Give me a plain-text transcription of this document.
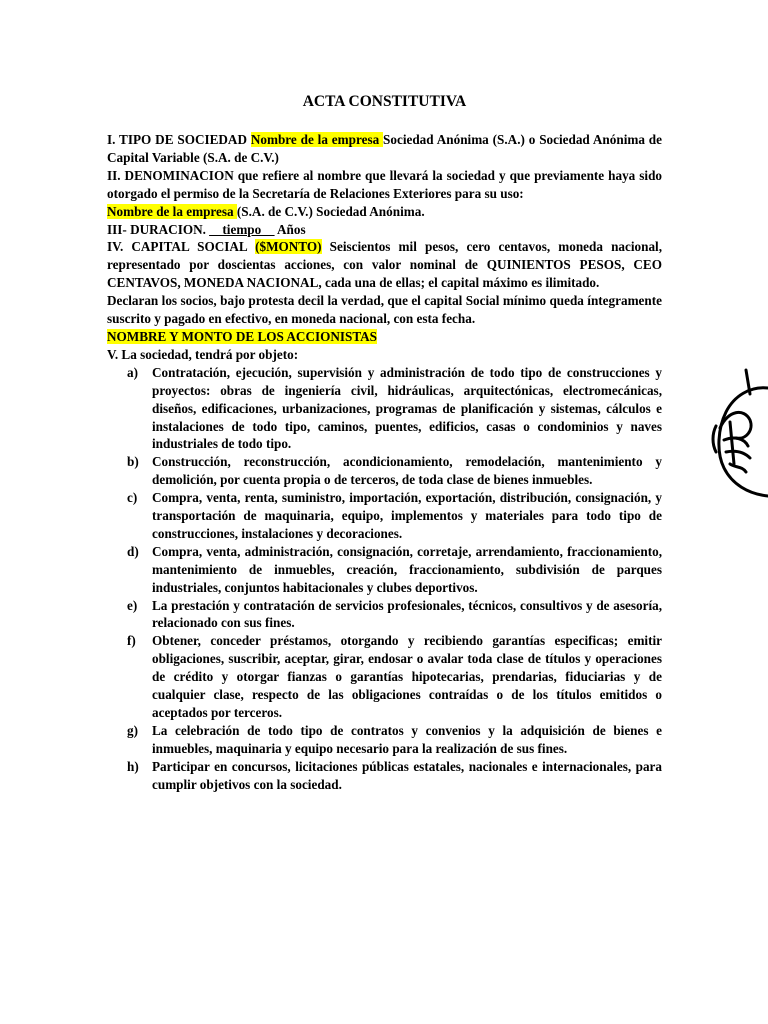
ACTA CONSTITUTIVA

I. TIPO DE SOCIEDAD Nombre de la empresa Sociedad Anónima (S.A.) o Sociedad Anónima de Capital Variable (S.A. de C.V.)

II. DENOMINACION que refiere al nombre que llevará la sociedad y que previamente haya sido otorgado el permiso de la Secretaría de Relaciones Exteriores para su uso:

Nombre de la empresa (S.A. de C.V.) Sociedad Anónima.

III- DURACION. __tiempo__ Años

IV. CAPITAL SOCIAL ($MONTO) Seiscientos mil pesos, cero centavos, moneda nacional, representado por doscientas acciones, con valor nominal de QUINIENTOS PESOS, CEO CENTAVOS, MONEDA NACIONAL, cada una de ellas; el capital máximo es ilimitado.

Declaran los socios, bajo protesta decil la verdad, que el capital Social mínimo queda íntegramente suscrito y pagado en efectivo, en moneda nacional, con esta fecha.

NOMBRE Y MONTO DE LOS ACCIONISTAS

V. La sociedad, tendrá por objeto:

a) Contratación, ejecución, supervisión y administración de todo tipo de construcciones y proyectos: obras de ingeniería civil, hidráulicas, arquitectónicas, electromecánicas, diseños, edificaciones, urbanizaciones, programas de planificación y sistemas, cálculos e instalaciones de todo tipo, caminos, puentes, edificios, casas o condominios y naves industriales de todo tipo.
b) Construcción, reconstrucción, acondicionamiento, remodelación, mantenimiento y demolición, por cuenta propia o de terceros, de toda clase de bienes inmuebles.
c) Compra, venta, renta, suministro, importación, exportación, distribución, consignación, y transportación de maquinaria, equipo, implementos y materiales para todo tipo de construcciones, instalaciones y decoraciones.
d) Compra, venta, administración, consignación, corretaje, arrendamiento, fraccionamiento, mantenimiento de inmuebles, creación, fraccionamiento, subdivisión de parques industriales, conjuntos habitacionales y clubes deportivos.
e) La prestación y contratación de servicios profesionales, técnicos, consultivos y de asesoría, relacionado con sus fines.
f) Obtener, conceder préstamos, otorgando y recibiendo garantías especificas; emitir obligaciones, suscribir, aceptar, girar, endosar o avalar toda clase de títulos y operaciones de crédito y otorgar fianzas o garantías hipotecarias, prendarias, fiduciarias y de cualquier clase, respecto de las obligaciones contraídas o de los títulos emitidos o aceptados por terceros.
g) La celebración de todo tipo de contratos y convenios y la adquisición de bienes e inmuebles, maquinaria y equipo necesario para la realización de sus fines.
h) Participar en concursos, licitaciones públicas estatales, nacionales e internacionales, para cumplir objetivos con la sociedad.
